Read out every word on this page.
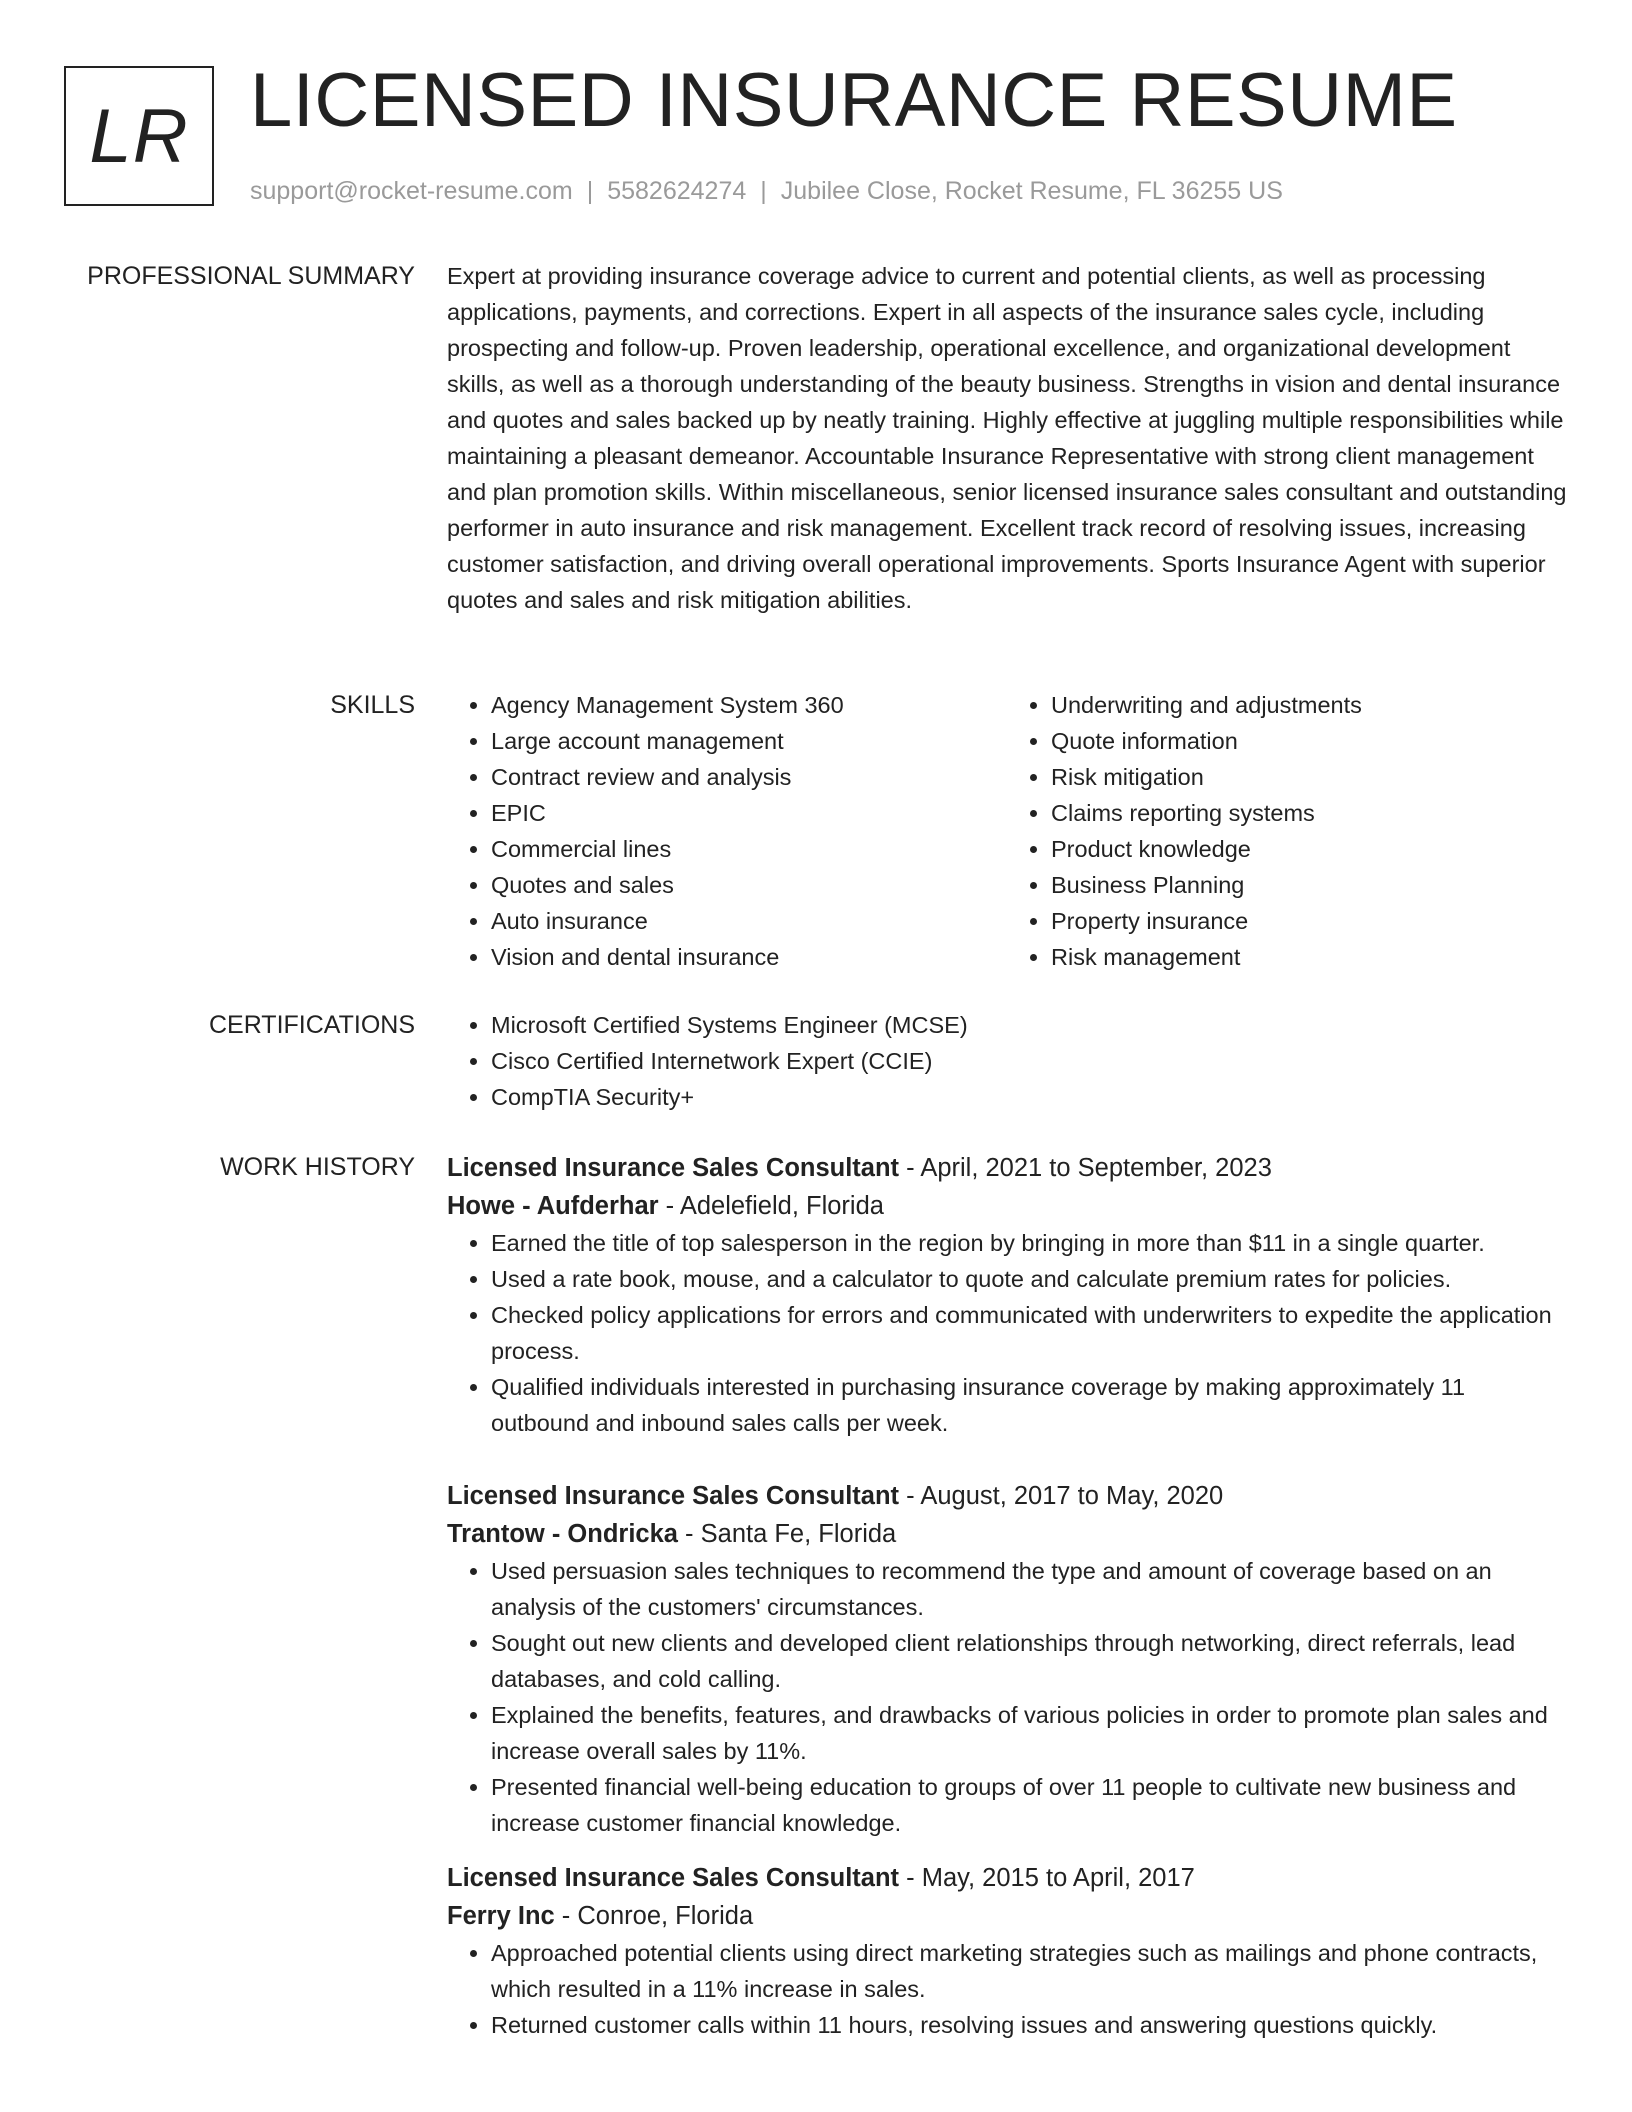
LR LICENSED INSURANCE RESUME
support@rocket-resume.com | 5582624274 | Jubilee Close, Rocket Resume, FL 36255 US
PROFESSIONAL SUMMARY Expert at providing insurance coverage advice to current and potential clients, as well as processing applications, payments, and corrections. Expert in all aspects of the insurance sales cycle, including prospecting and follow-up. Proven leadership, operational excellence, and organizational development skills, as well as a thorough understanding of the beauty business. Strengths in vision and dental insurance and quotes and sales backed up by neatly training. Highly effective at juggling multiple responsibilities while maintaining a pleasant demeanor. Accountable Insurance Representative with strong client management and plan promotion skills. Within miscellaneous, senior licensed insurance sales consultant and outstanding performer in auto insurance and risk management. Excellent track record of resolving issues, increasing customer satisfaction, and driving overall operational improvements. Sports Insurance Agent with superior quotes and sales and risk mitigation abilities.

SKILLS	• Agency Management System 360
• Large account management
• Contract review and analysis
• EPIC
• Commercial lines
• Quotes and sales
• Auto insurance
• Vision and dental insurance
• Underwriting and adjustments
• Quote information
• Risk mitigation
• Claims reporting systems
• Product knowledge
• Business Planning
• Property insurance
• Risk management
CERTIFICATIONS	• Microsoft Certified Systems Engineer (MCSE)
• Cisco Certified Internetwork Expert (CCIE)
• CompTIA Security+
WORK HISTORY Licensed Insurance Sales Consultant - April, 2021 to September, 2023
Howe - Aufderhar - Adelefield, Florida
• Earned the title of top salesperson in the region by bringing in more than $11 in a single quarter.
• Used a rate book, mouse, and a calculator to quote and calculate premium rates for policies.
• Checked policy applications for errors and communicated with underwriters to expedite the application process.
• Qualified individuals interested in purchasing insurance coverage by making approximately 11 outbound and inbound sales calls per week.
Licensed Insurance Sales Consultant - August, 2017 to May, 2020
Trantow - Ondricka - Santa Fe, Florida
• Used persuasion sales techniques to recommend the type and amount of coverage based on an analysis of the customers' circumstances.
• Sought out new clients and developed client relationships through networking, direct referrals, lead databases, and cold calling.
• Explained the benefits, features, and drawbacks of various policies in order to promote plan sales and increase overall sales by 11%.
• Presented financial well-being education to groups of over 11 people to cultivate new business and increase customer financial knowledge.
Licensed Insurance Sales Consultant - May, 2015 to April, 2017
Ferry Inc - Conroe, Florida
• Approached potential clients using direct marketing strategies such as mailings and phone contracts, which resulted in a 11% increase in sales.
• Returned customer calls within 11 hours, resolving issues and answering questions quickly.
